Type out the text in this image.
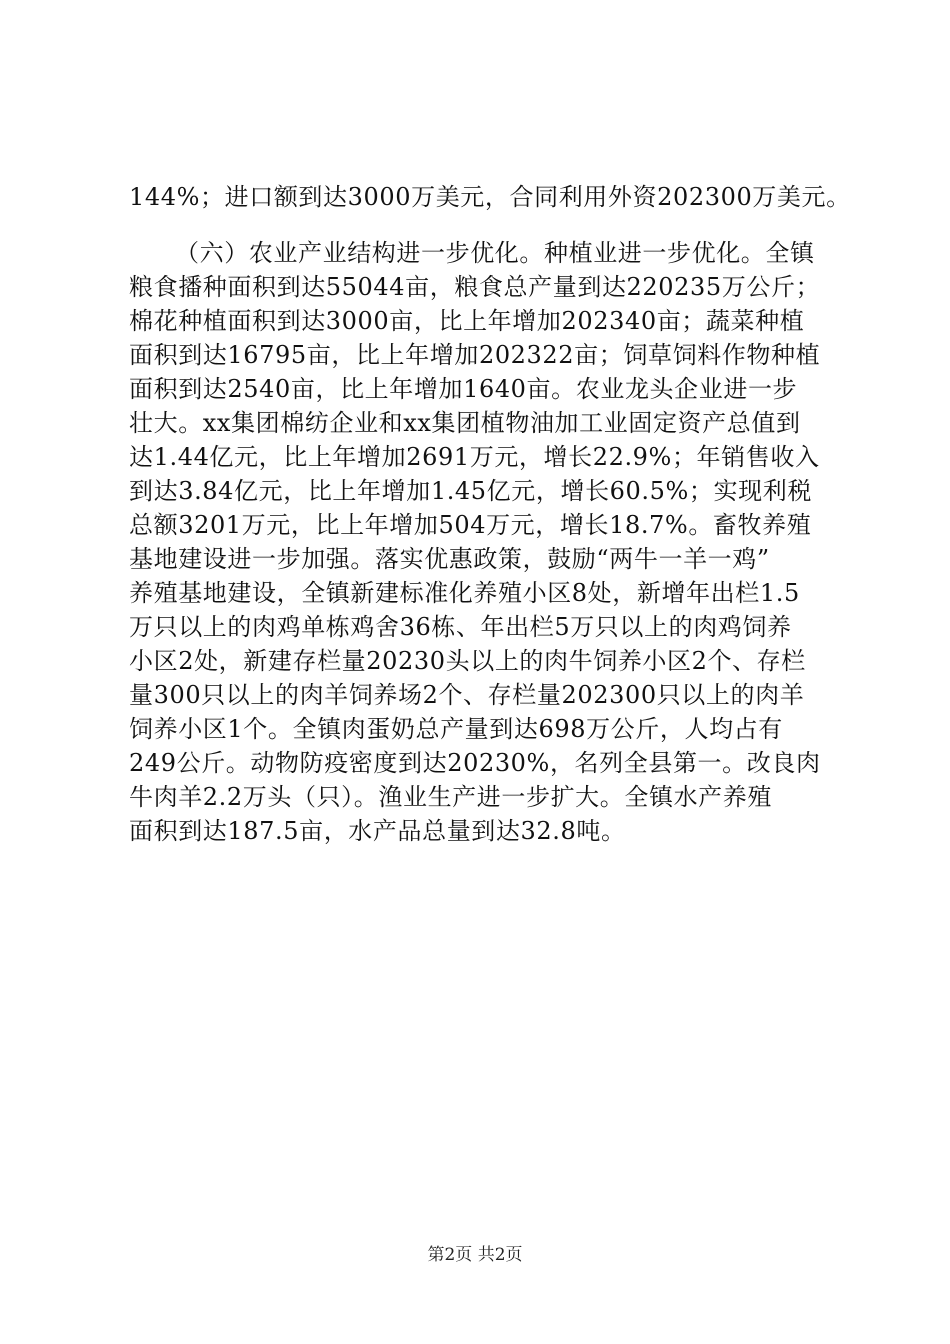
144%；进口额到达3000万美元，合同利用外资202300万美元。

（六）农业产业结构进一步优化。种植业进一步优化。全镇

粮食播种面积到达55044亩，粮食总产量到达220235万公斤；

棉花种植面积到达3000亩，比上年增加202340亩；蔬菜种植

面积到达16795亩，比上年增加202322亩；饲草饲料作物种植

面积到达2540亩，比上年增加1640亩。农业龙头企业进一步

壮大。xx集团棉纺企业和xx集团植物油加工业固定资产总值到

达1.44亿元，比上年增加2691万元，增长22.9%；年销售收入

到达3.84亿元，比上年增加1.45亿元，增长60.5%；实现利税

总额3201万元，比上年增加504万元，增长18.7%。畜牧养殖

基地建设进一步加强。落实优惠政策，鼓励“两牛一羊一鸡”

养殖基地建设，全镇新建标准化养殖小区8处，新增年出栏1.5

万只以上的肉鸡单栋鸡舍36栋、年出栏5万只以上的肉鸡饲养

小区2处，新建存栏量20230头以上的肉牛饲养小区2个、存栏

量300只以上的肉羊饲养场2个、存栏量202300只以上的肉羊

饲养小区1个。全镇肉蛋奶总产量到达698万公斤，人均占有

249公斤。动物防疫密度到达20230%，名列全县第一。改良肉

牛肉羊2.2万头（只）。渔业生产进一步扩大。全镇水产养殖

面积到达187.5亩，水产品总量到达32.8吨。

第2页 共2页
